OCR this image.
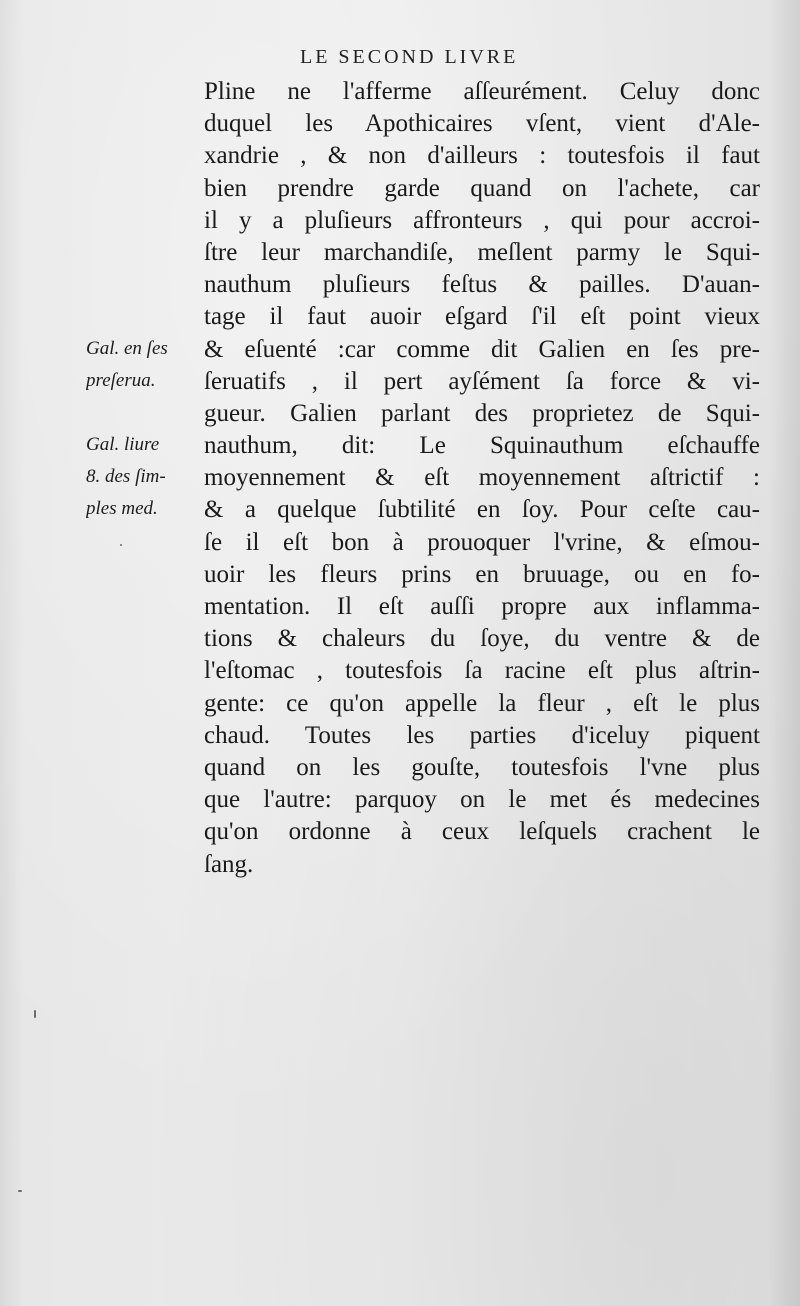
LE SECOND LIVRE
Pline ne l'afferme aſſeurément. Celuy donc
duquel les Apothicaires vſent, vient d'Ale-
xandrie , & non d'ailleurs : toutesfois il faut
bien prendre garde quand on l'achete, car
il y a pluſieurs affronteurs , qui pour accroi-
ſtre leur marchandiſe, meſlent parmy le Squi-
nauthum pluſieurs feſtus & pailles. D'auan-
tage il faut auoir eſgard ſ'il eſt point vieux
& eſuenté :car comme dit Galien en ſes pre-
ſeruatifs , il pert ayſément ſa force & vi-
gueur. Galien parlant des proprietez de Squi-
nauthum, dit: Le Squinauthum eſchauffe
moyennement & eſt moyennement aſtrictif :
& a quelque ſubtilité en ſoy. Pour ceſte cau-
ſe il eſt bon à prouoquer l'vrine, & eſmou-
uoir les fleurs prins en bruuage, ou en fo-
mentation. Il eſt auſſi propre aux inflamma-
tions & chaleurs du ſoye, du ventre & de
l'eſtomac , toutesfois ſa racine eſt plus aſtrin-
gente: ce qu'on appelle la fleur , eſt le plus
chaud. Toutes les parties d'iceluy piquent
quand on les gouſte, toutesfois l'vne plus
que l'autre: parquoy on le met és medecines
qu'on ordonne à ceux leſquels crachent le
ſang.
Gal. en ſes
preſerua.
Gal. liure
8. des ſim-
ples med.
